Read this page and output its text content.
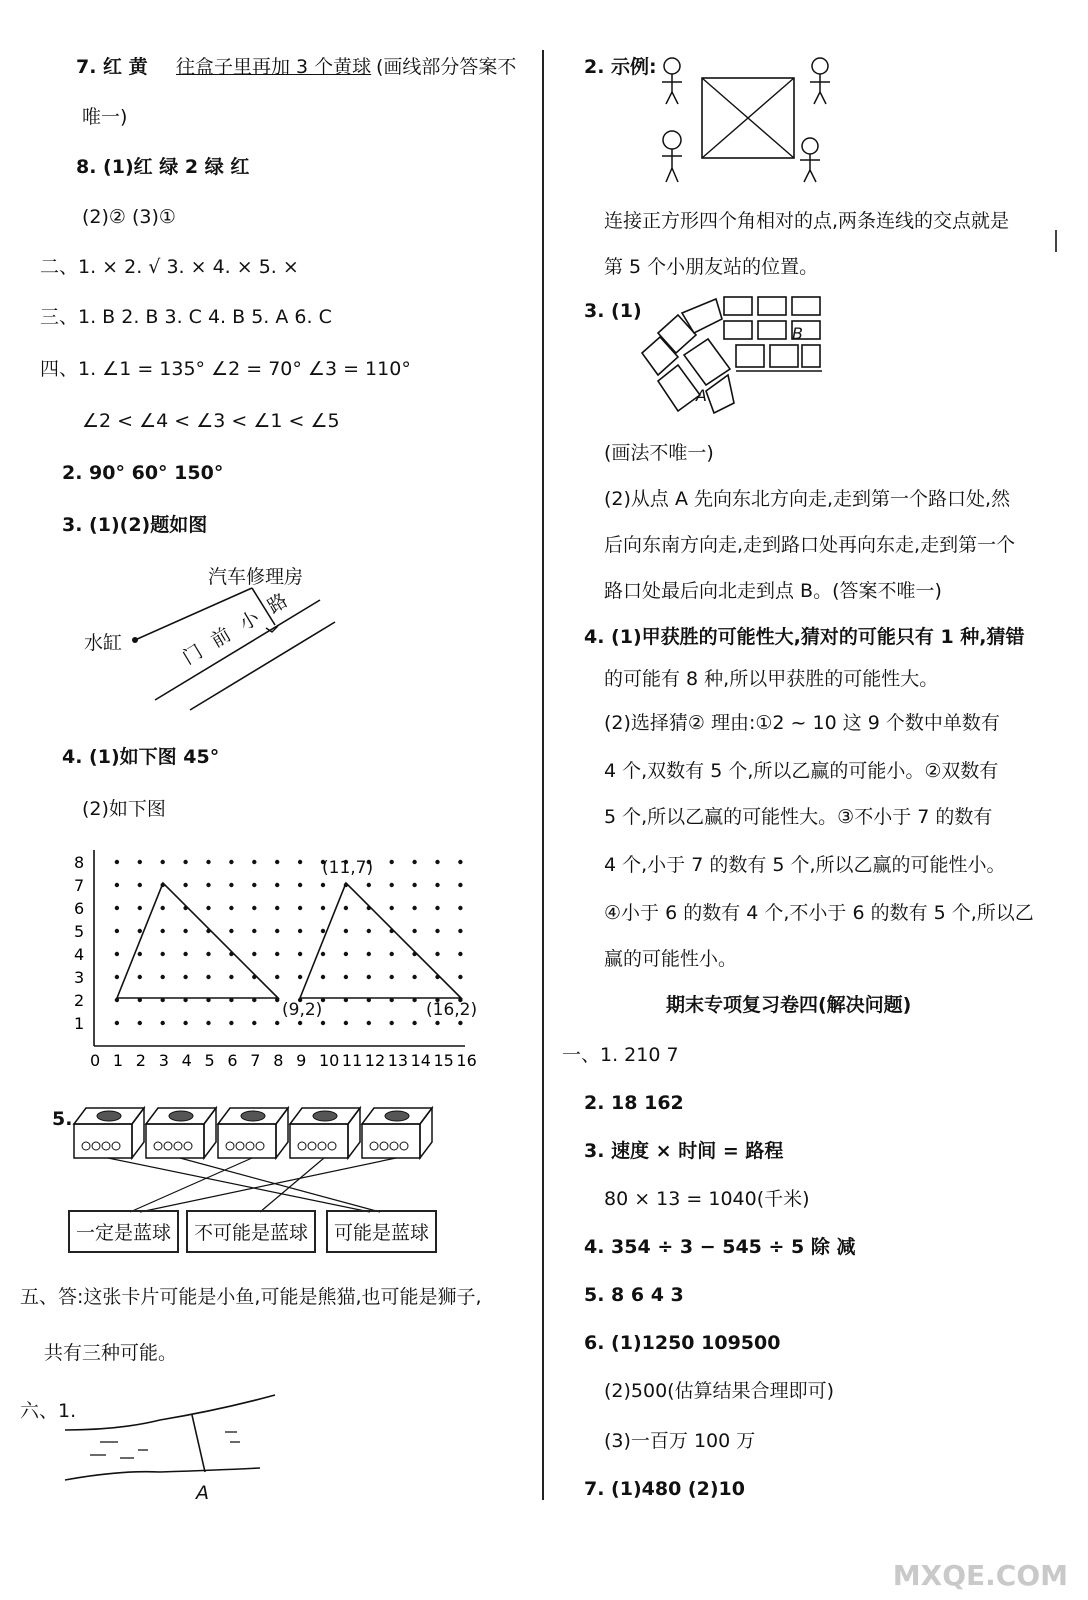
7. 红 黄 往盒子里再加 3 个黄球 (画线部分答案不
唯一)
8. (1)红 绿 2 绿 红
(2)② (3)①
二、1. × 2. √ 3. × 4. × 5. ×
三、1. B 2. B 3. C 4. B 5. A 6. C
四、1. ∠1 = 135° ∠2 = 70° ∠3 = 110°
∠2 < ∠4 < ∠3 < ∠1 < ∠5
2. 90° 60° 150°
3. (1)(2)题如图
汽车修理房
水缸	门 前 小 路
4. (1)如下图 45°
(2)如下图
0 1 2 3 4 5 6 7 8 9 10 11 12 13 14 15 16
1
2
3
4
5
6
7
8	(11,7)
(9,2)	(16,2)
5.
一定是蓝球	不可能是蓝球	可能是蓝球
五、答:这张卡片可能是小鱼,可能是熊猫,也可能是狮子,
共有三种可能。
六、1.
A
2. 示例:
连接正方形四个角相对的点,两条连线的交点就是
第 5 个小朋友站的位置。
3. (1)
B
A
(画法不唯一)
(2)从点 A 先向东北方向走,走到第一个路口处,然
后向东南方向走,走到路口处再向东走,走到第一个
路口处最后向北走到点 B。(答案不唯一)
4. (1)甲获胜的可能性大,猜对的可能只有 1 种,猜错
的可能有 8 种,所以甲获胜的可能性大。
(2)选择猜② 理由:①2 ~ 10 这 9 个数中单数有
4 个,双数有 5 个,所以乙赢的可能小。②双数有
5 个,所以乙赢的可能性大。③不小于 7 的数有
4 个,小于 7 的数有 5 个,所以乙赢的可能性小。
④小于 6 的数有 4 个,不小于 6 的数有 5 个,所以乙
赢的可能性小。
期末专项复习卷四(解决问题)
一、1. 210 7
2. 18 162
3. 速度 × 时间 = 路程
80 × 13 = 1040(千米)
4. 354 ÷ 3 − 545 ÷ 5 除 减
5. 8 6 4 3
6. (1)1250 109500
(2)500(估算结果合理即可)
(3)一百万 100 万
7. (1)480 (2)10
MXQE.COM
